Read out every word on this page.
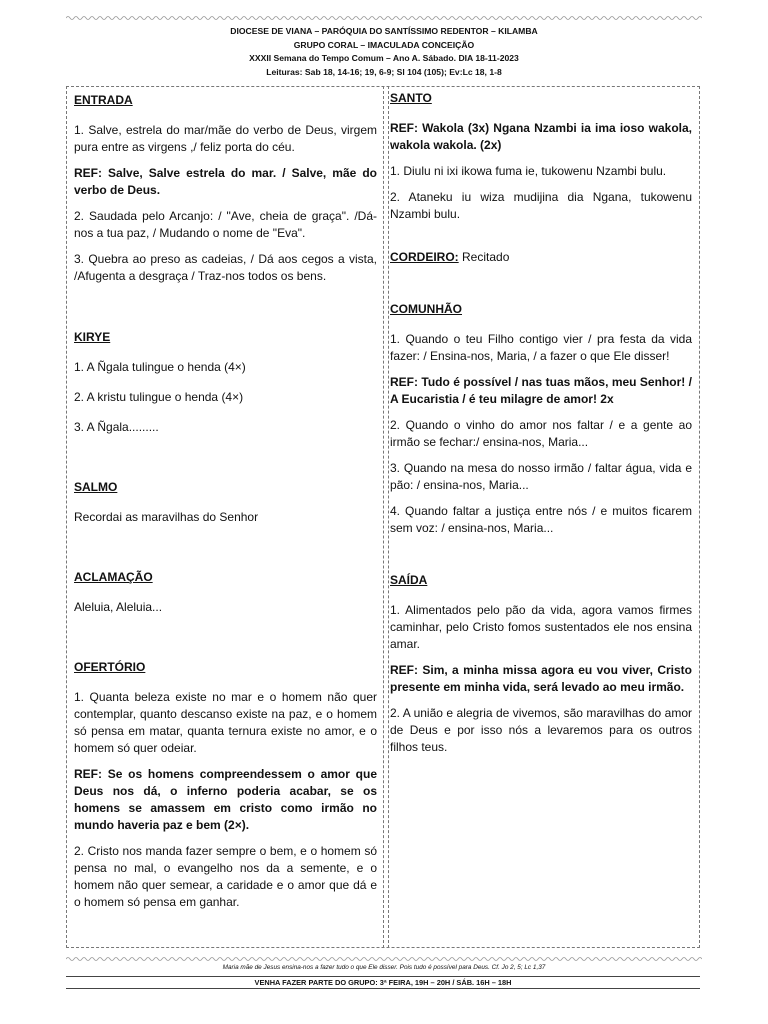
DIOCESE DE VIANA – PARÓQUIA DO SANTÍSSIMO REDENTOR – KILAMBA
GRUPO CORAL – IMACULADA CONCEIÇÃO
XXXII Semana do Tempo Comum – Ano A. Sábado. DIA 18-11-2023
Leituras: Sab 18, 14-16; 19, 6-9; Sl 104 (105); Ev:Lc 18, 1-8

ENTRADA

1. Salve, estrela do mar/mãe do verbo de Deus, virgem pura entre as virgens ,/ feliz porta do céu.

REF: Salve, Salve estrela do mar. / Salve, mãe do verbo de Deus.

2. Saudada pelo Arcanjo: / "Ave, cheia de graça". /Dá-nos a tua paz, / Mudando o nome de "Eva".

3. Quebra ao preso as cadeias, / Dá aos cegos a vista, /Afugenta a desgraça / Traz-nos todos os bens.

KIRYE

1. A Ñgala tulingue o henda (4×)

2. A kristu tulingue o henda (4×)

3. A Ñgala.........

SALMO

Recordai as maravilhas do Senhor

ACLAMAÇÃO

Aleluia, Aleluia...

OFERTÓRIO

1. Quanta beleza existe no mar e o homem não quer contemplar, quanto descanso existe na paz, e o homem só pensa em matar, quanta ternura existe no amor, e o homem só quer odeiar.

REF: Se os homens compreendessem o amor que Deus nos dá, o inferno poderia acabar, se os homens se amassem em cristo como irmão no mundo haveria paz e bem (2×).

2. Cristo nos manda fazer sempre o bem, e o homem só pensa no mal, o evangelho nos da a semente, e o homem não quer semear, a caridade e o amor que dá e o homem só pensa em ganhar.

SANTO

REF: Wakola (3x) Ngana Nzambi ia ima ioso wakola, wakola wakola. (2x)

1. Diulu ni ixi ikowa fuma ie, tukowenu Nzambi bulu.

2. Ataneku iu wiza mudijina dia Ngana, tukowenu Nzambi bulu.

CORDEIRO: Recitado

COMUNHÃO

1. Quando o teu Filho contigo vier / pra festa da vida fazer: / Ensina-nos, Maria, / a fazer o que Ele disser!

REF: Tudo é possível / nas tuas mãos, meu Senhor! / A Eucaristia / é teu milagre de amor! 2x

2. Quando o vinho do amor nos faltar / e a gente ao irmão se fechar:/ ensina-nos, Maria...

3. Quando na mesa do nosso irmão / faltar água, vida e pão: / ensina-nos, Maria...

4. Quando faltar a justiça entre nós / e muitos ficarem sem voz: / ensina-nos, Maria...

SAÍDA

1. Alimentados pelo pão da vida, agora vamos firmes caminhar, pelo Cristo fomos sustentados ele nos ensina amar.

REF: Sim, a minha missa agora eu vou viver, Cristo presente em minha vida, será levado ao meu irmão.

2. A união e alegria de vivemos, são maravilhas do amor de Deus e por isso nós a levaremos para os outros filhos teus.

Maria mãe de Jesus ensina-nos a fazer tudo o que Ele disser. Pois tudo é possível para Deus. Cf. Jo 2, 5; Lc 1,37
VENHA FAZER PARTE DO GRUPO: 3ª FEIRA, 19H – 20H / SÁB. 16H – 18H
